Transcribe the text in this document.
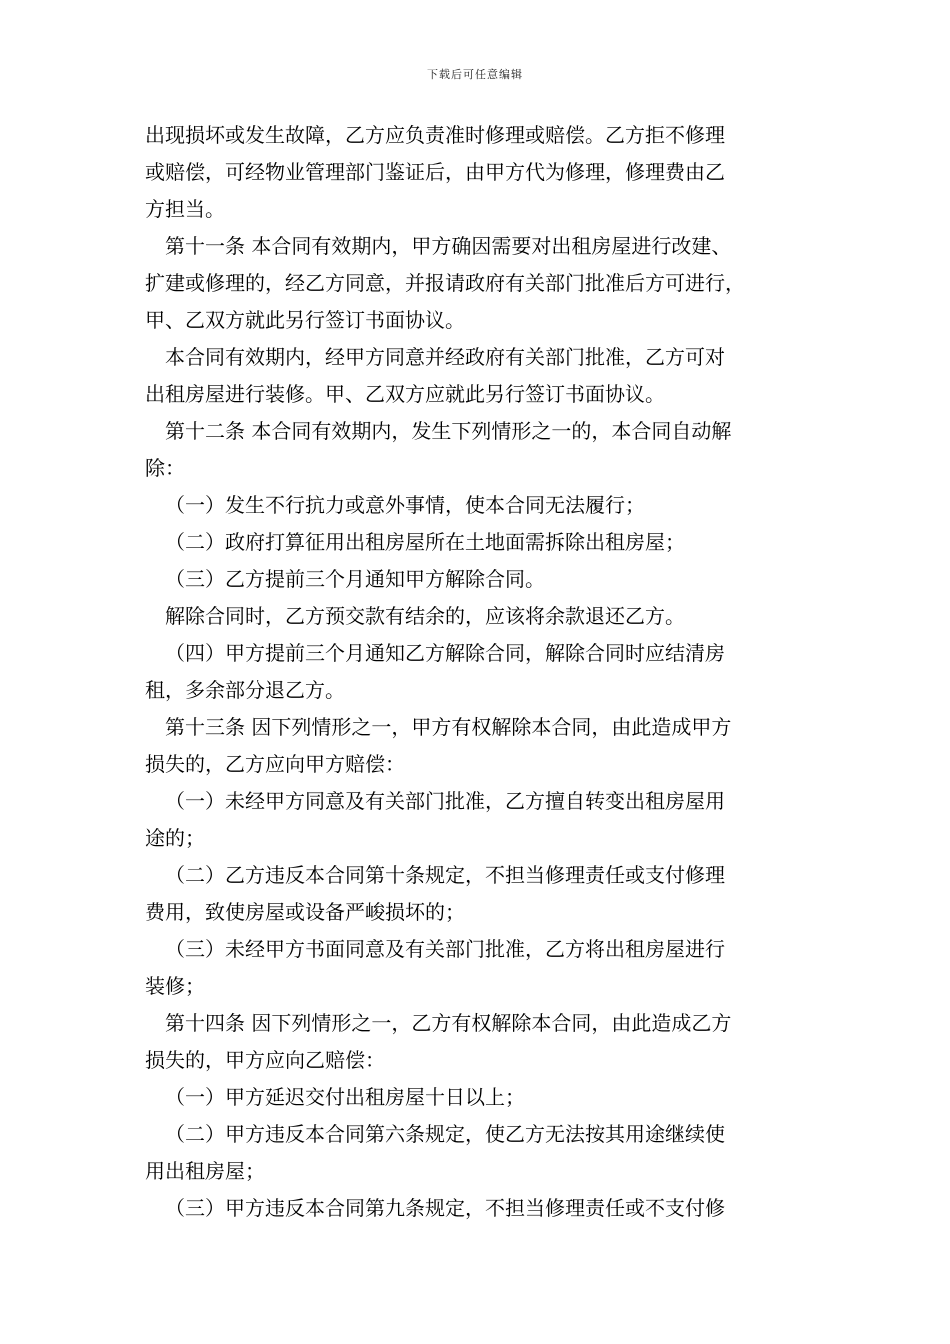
下载后可任意编辑
出现损坏或发生故障，乙方应负责准时修理或赔偿。乙方拒不修理
或赔偿，可经物业管理部门鉴证后，由甲方代为修理，修理费由乙
方担当。
第十一条 本合同有效期内，甲方确因需要对出租房屋进行改建、
扩建或修理的，经乙方同意，并报请政府有关部门批准后方可进行，
甲、乙双方就此另行签订书面协议。
本合同有效期内，经甲方同意并经政府有关部门批准，乙方可对
出租房屋进行装修。甲、乙双方应就此另行签订书面协议。
第十二条 本合同有效期内，发生下列情形之一的，本合同自动解
除：
（一）发生不行抗力或意外事情，使本合同无法履行；
（二）政府打算征用出租房屋所在土地面需拆除出租房屋；
（三）乙方提前三个月通知甲方解除合同。
解除合同时，乙方预交款有结余的，应该将余款退还乙方。
（四）甲方提前三个月通知乙方解除合同，解除合同时应结清房
租，多余部分退乙方。
第十三条 因下列情形之一，甲方有权解除本合同，由此造成甲方
损失的，乙方应向甲方赔偿：
（一）未经甲方同意及有关部门批准，乙方擅自转变出租房屋用
途的；
（二）乙方违反本合同第十条规定，不担当修理责任或支付修理
费用，致使房屋或设备严峻损坏的；
（三）未经甲方书面同意及有关部门批准，乙方将出租房屋进行
装修；
第十四条 因下列情形之一，乙方有权解除本合同，由此造成乙方
损失的，甲方应向乙赔偿：
（一）甲方延迟交付出租房屋十日以上；
（二）甲方违反本合同第六条规定，使乙方无法按其用途继续使
用出租房屋；
（三）甲方违反本合同第九条规定，不担当修理责任或不支付修
